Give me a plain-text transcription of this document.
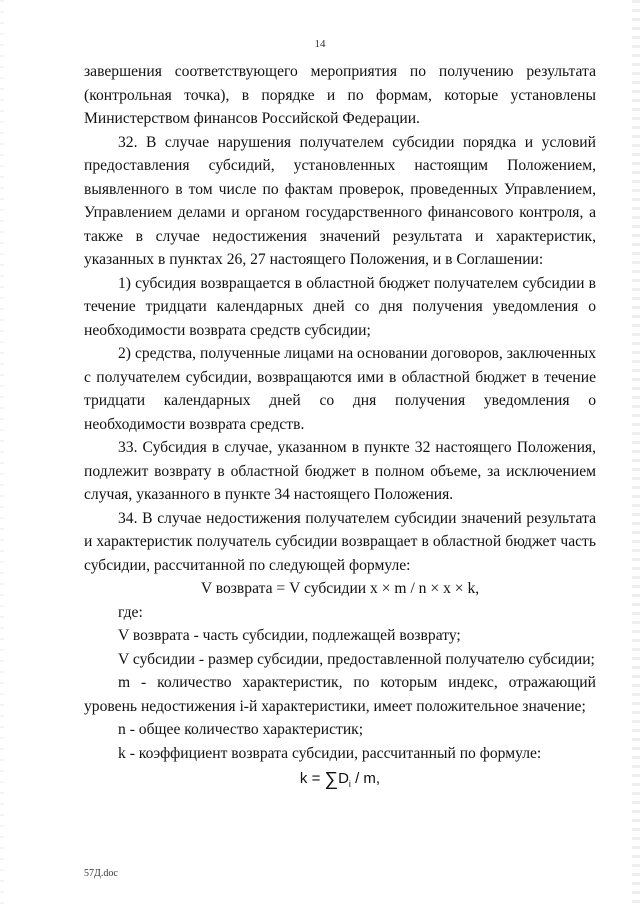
14

завершения соответствующего мероприятия по получению результата (контрольная точка), в порядке и по формам, которые установлены Министерством финансов Российской Федерации.

32. В случае нарушения получателем субсидии порядка и условий предоставления субсидий, установленных настоящим Положением, выявленного в том числе по фактам проверок, проведенных Управлением, Управлением делами и органом государственного финансового контроля, а также в случае недостижения значений результата и характеристик, указанных в пунктах 26, 27 настоящего Положения, и в Соглашении:

1) субсидия возвращается в областной бюджет получателем субсидии в течение тридцати календарных дней со дня получения уведомления о необходимости возврата средств субсидии;

2) средства, полученные лицами на основании договоров, заключенных с получателем субсидии, возвращаются ими в областной бюджет в течение тридцати календарных дней со дня получения уведомления о необходимости возврата средств.

33. Субсидия в случае, указанном в пункте 32 настоящего Положения, подлежит возврату в областной бюджет в полном объеме, за исключением случая, указанного в пункте 34 настоящего Положения.

34. В случае недостижения получателем субсидии значений результата и характеристик получатель субсидии возвращает в областной бюджет часть субсидии, рассчитанной по следующей формуле:

V возврата = V субсидии x × m / n × x × k,

где:

V возврата - часть субсидии, подлежащей возврату;

V субсидии - размер субсидии, предоставленной получателю субсидии;

m - количество характеристик, по которым индекс, отражающий уровень недостижения i-й характеристики, имеет положительное значение;

n - общее количество характеристик;

k - коэффициент возврата субсидии, рассчитанный по формуле:

$k = \sum D_i / m$,

57Д.doc
